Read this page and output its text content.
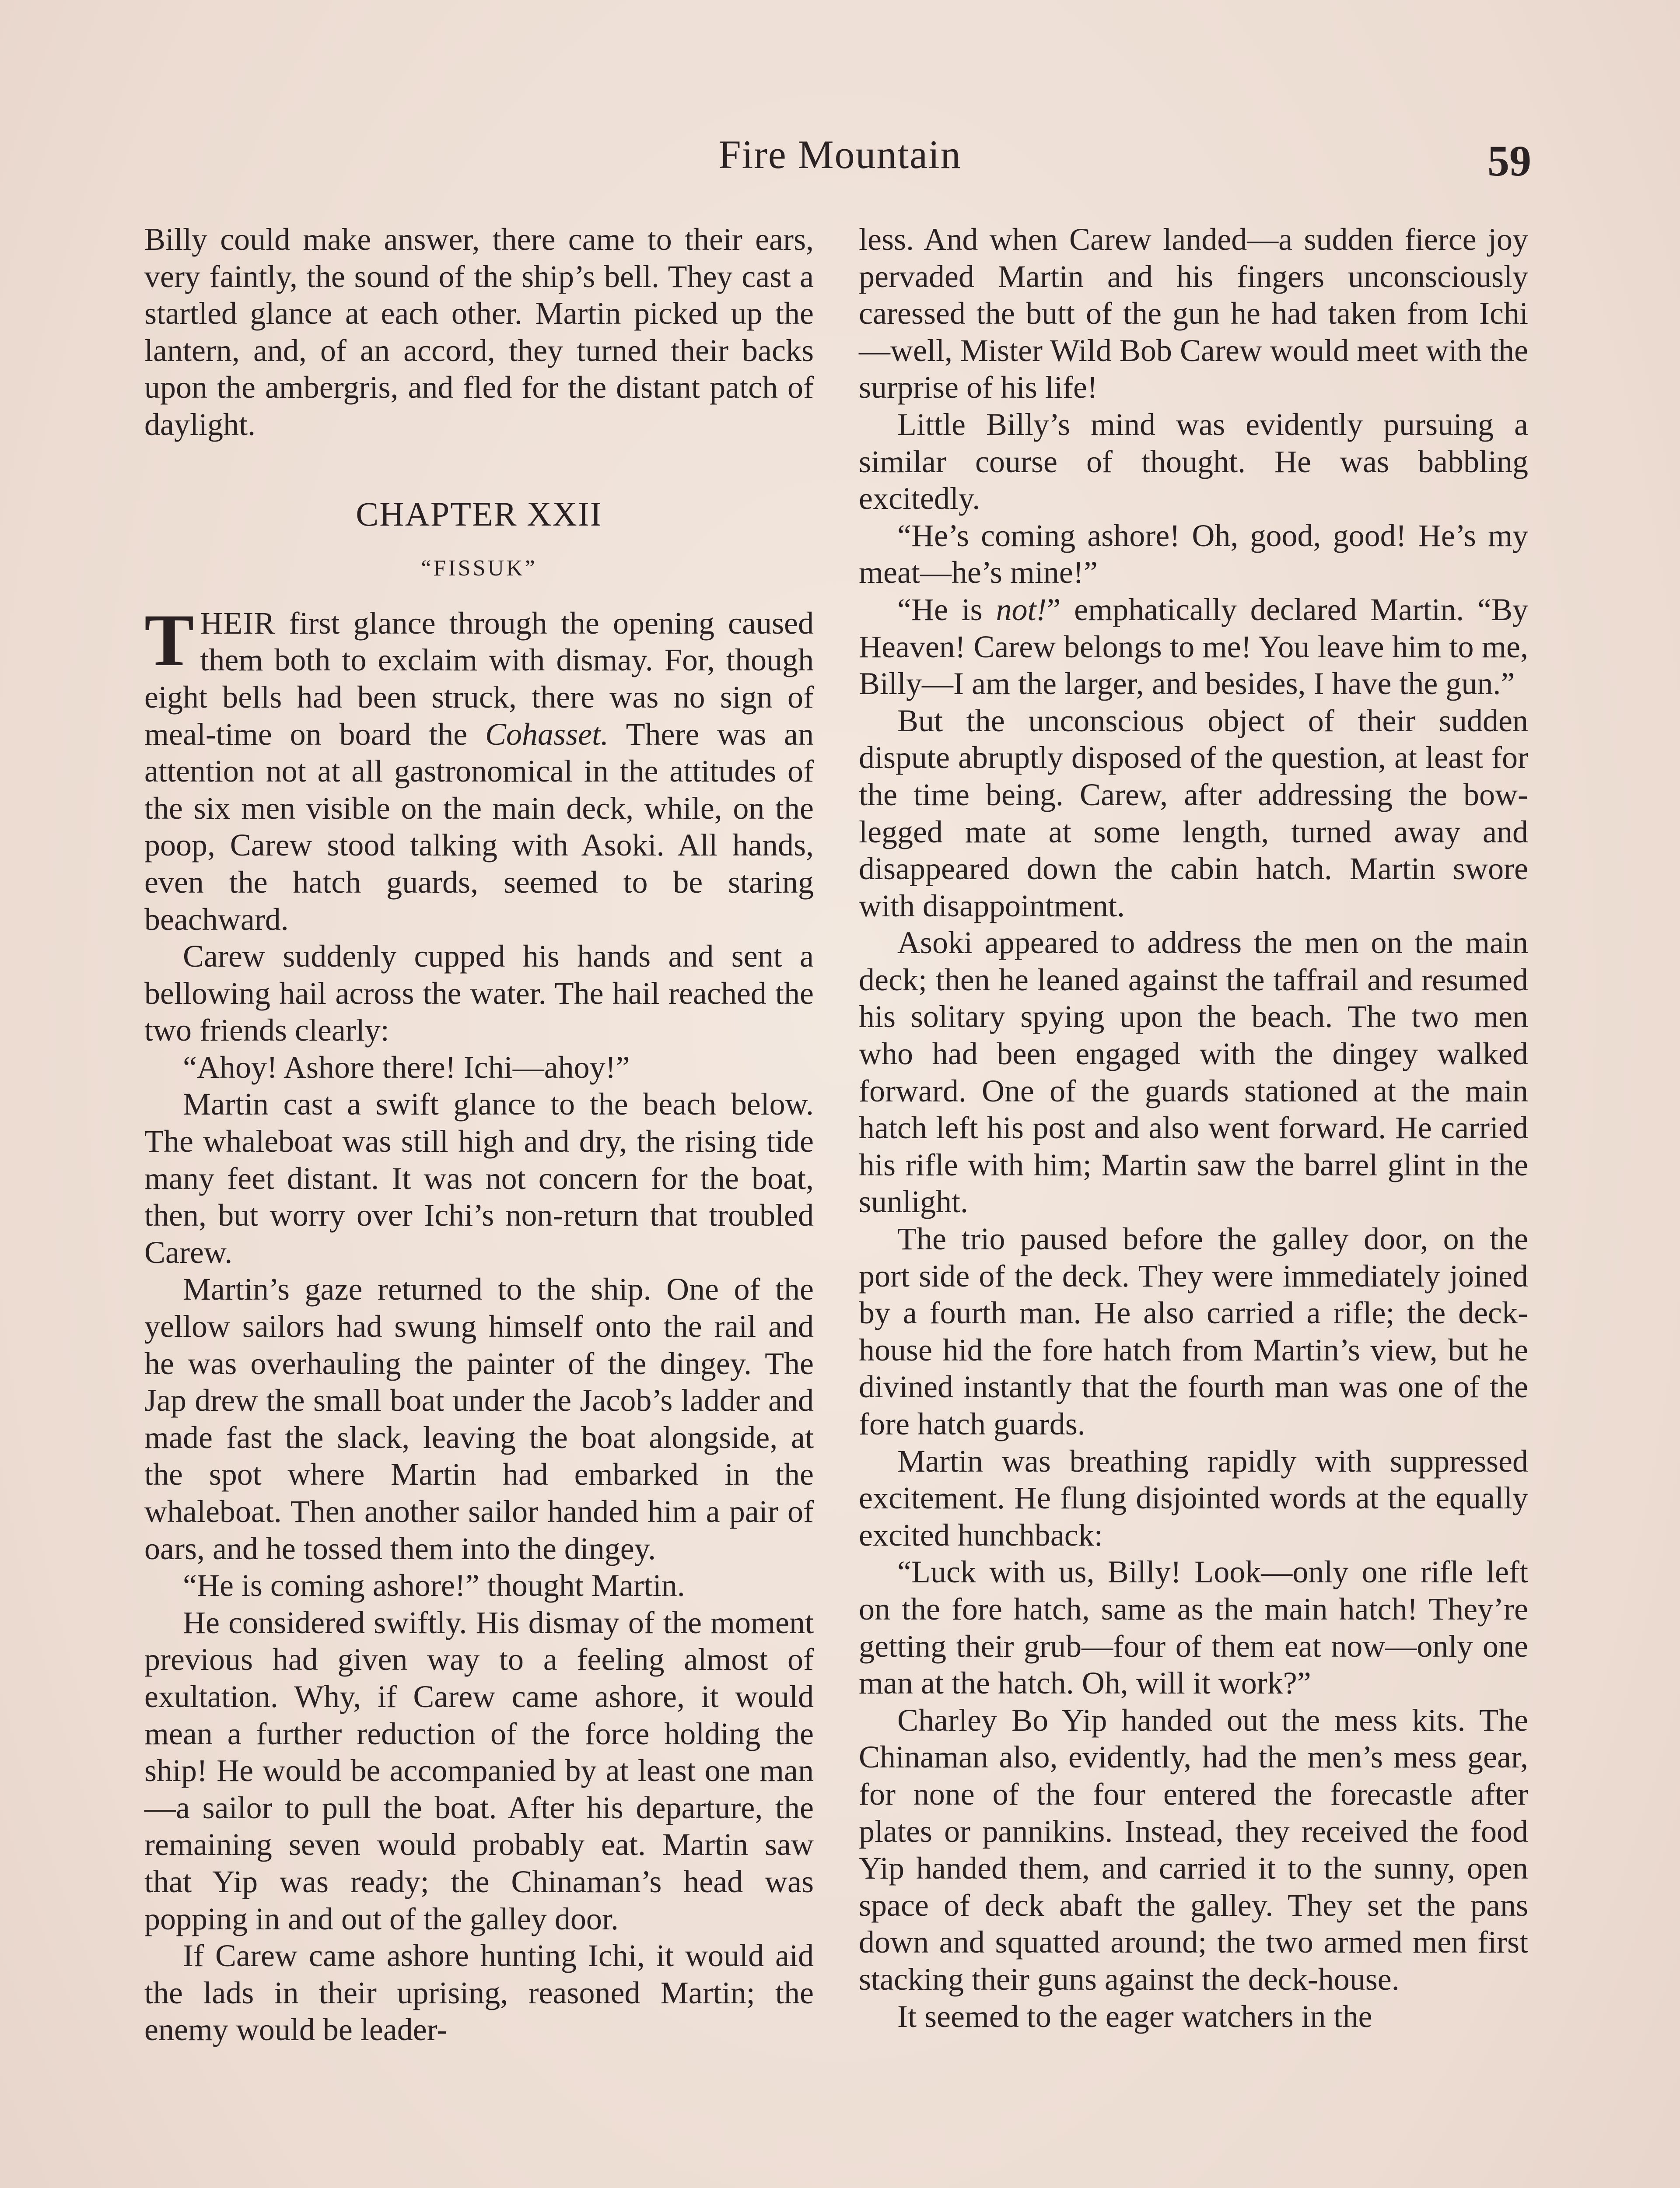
Fire Mountain	59

Billy could make answer, there came to their ears, very faintly, the sound of the ship’s bell. They cast a startled glance at each other. Martin picked up the lantern, and, of an accord, they turned their backs upon the ambergris, and fled for the distant patch of daylight.

CHAPTER XXII
“FISSUK”

THEIR first glance through the opening caused them both to exclaim with dismay. For, though eight bells had been struck, there was no sign of meal-time on board the Cohasset. There was an attention not at all gastronomical in the attitudes of the six men visible on the main deck, while, on the poop, Carew stood talking with Asoki. All hands, even the hatch guards, seemed to be staring beachward.

Carew suddenly cupped his hands and sent a bellowing hail across the water. The hail reached the two friends clearly:

“Ahoy! Ashore there! Ichi—ahoy!”

Martin cast a swift glance to the beach below. The whaleboat was still high and dry, the rising tide many feet distant. It was not concern for the boat, then, but worry over Ichi’s non-return that troubled Carew.

Martin’s gaze returned to the ship. One of the yellow sailors had swung himself onto the rail and he was overhauling the painter of the dingey. The Jap drew the small boat under the Jacob’s ladder and made fast the slack, leaving the boat alongside, at the spot where Martin had embarked in the whaleboat. Then another sailor handed him a pair of oars, and he tossed them into the dingey.

“He is coming ashore!” thought Martin.

He considered swiftly. His dismay of the moment previous had given way to a feeling almost of exultation. Why, if Carew came ashore, it would mean a further reduction of the force holding the ship! He would be accompanied by at least one man —a sailor to pull the boat. After his departure, the remaining seven would probably eat. Martin saw that Yip was ready; the Chinaman’s head was popping in and out of the galley door.

If Carew came ashore hunting Ichi, it would aid the lads in their uprising, reasoned Martin; the enemy would be leader-

less. And when Carew landed—a sudden fierce joy pervaded Martin and his fingers unconsciously caressed the butt of the gun he had taken from Ichi—well, Mister Wild Bob Carew would meet with the surprise of his life!

Little Billy’s mind was evidently pursuing a similar course of thought. He was babbling excitedly.

“He’s coming ashore! Oh, good, good! He’s my meat—he’s mine!”

“He is not!” emphatically declared Martin. “By Heaven! Carew belongs to me! You leave him to me, Billy—I am the larger, and besides, I have the gun.”

But the unconscious object of their sudden dispute abruptly disposed of the question, at least for the time being. Carew, after addressing the bow-legged mate at some length, turned away and disappeared down the cabin hatch. Martin swore with disappointment.

Asoki appeared to address the men on the main deck; then he leaned against the taffrail and resumed his solitary spying upon the beach. The two men who had been engaged with the dingey walked forward. One of the guards stationed at the main hatch left his post and also went forward. He carried his rifle with him; Martin saw the barrel glint in the sunlight.

The trio paused before the galley door, on the port side of the deck. They were immediately joined by a fourth man. He also carried a rifle; the deck-house hid the fore hatch from Martin’s view, but he divined instantly that the fourth man was one of the fore hatch guards.

Martin was breathing rapidly with suppressed excitement. He flung disjointed words at the equally excited hunchback:

“Luck with us, Billy! Look—only one rifle left on the fore hatch, same as the main hatch! They’re getting their grub—four of them eat now—only one man at the hatch. Oh, will it work?”

Charley Bo Yip handed out the mess kits. The Chinaman also, evidently, had the men’s mess gear, for none of the four entered the forecastle after plates or pannikins. Instead, they received the food Yip handed them, and carried it to the sunny, open space of deck abaft the galley. They set the pans down and squatted around; the two armed men first stacking their guns against the deck-house.

It seemed to the eager watchers in the
